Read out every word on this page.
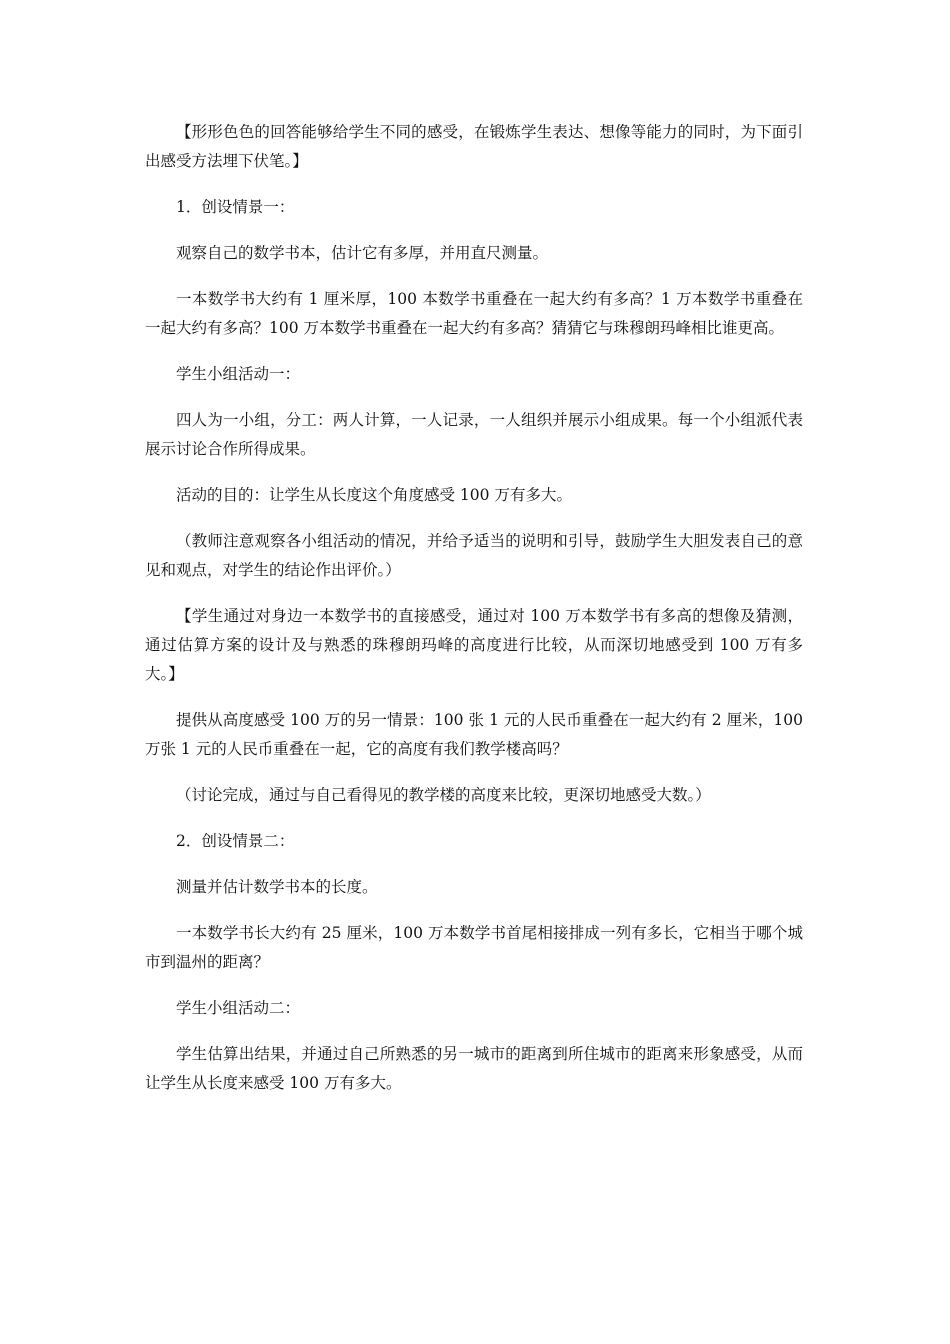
【形形色色的回答能够给学生不同的感受，在锻炼学生表达、想像等能力的同时，为下面引出感受方法埋下伏笔。】

1．创设情景一：

观察自己的数学书本，估计它有多厚，并用直尺测量。

一本数学书大约有 1 厘米厚，100 本数学书重叠在一起大约有多高？1 万本数学书重叠在一起大约有多高？100 万本数学书重叠在一起大约有多高？猜猜它与珠穆朗玛峰相比谁更高。

学生小组活动一：

四人为一小组，分工：两人计算，一人记录，一人组织并展示小组成果。每一个小组派代表展示讨论合作所得成果。

活动的目的：让学生从长度这个角度感受 100 万有多大。

（教师注意观察各小组活动的情况，并给予适当的说明和引导，鼓励学生大胆发表自己的意见和观点，对学生的结论作出评价。）

【学生通过对身边一本数学书的直接感受，通过对 100 万本数学书有多高的想像及猜测，通过估算方案的设计及与熟悉的珠穆朗玛峰的高度进行比较，从而深切地感受到 100 万有多大。】

提供从高度感受 100 万的另一情景：100 张 1 元的人民币重叠在一起大约有 2 厘米，100 万张 1 元的人民币重叠在一起，它的高度有我们教学楼高吗？

（讨论完成，通过与自己看得见的教学楼的高度来比较，更深切地感受大数。）

2．创设情景二：

测量并估计数学书本的长度。

一本数学书长大约有 25 厘米，100 万本数学书首尾相接排成一列有多长，它相当于哪个城市到温州的距离？

学生小组活动二：

学生估算出结果，并通过自己所熟悉的另一城市的距离到所住城市的距离来形象感受，从而让学生从长度来感受 100 万有多大。
